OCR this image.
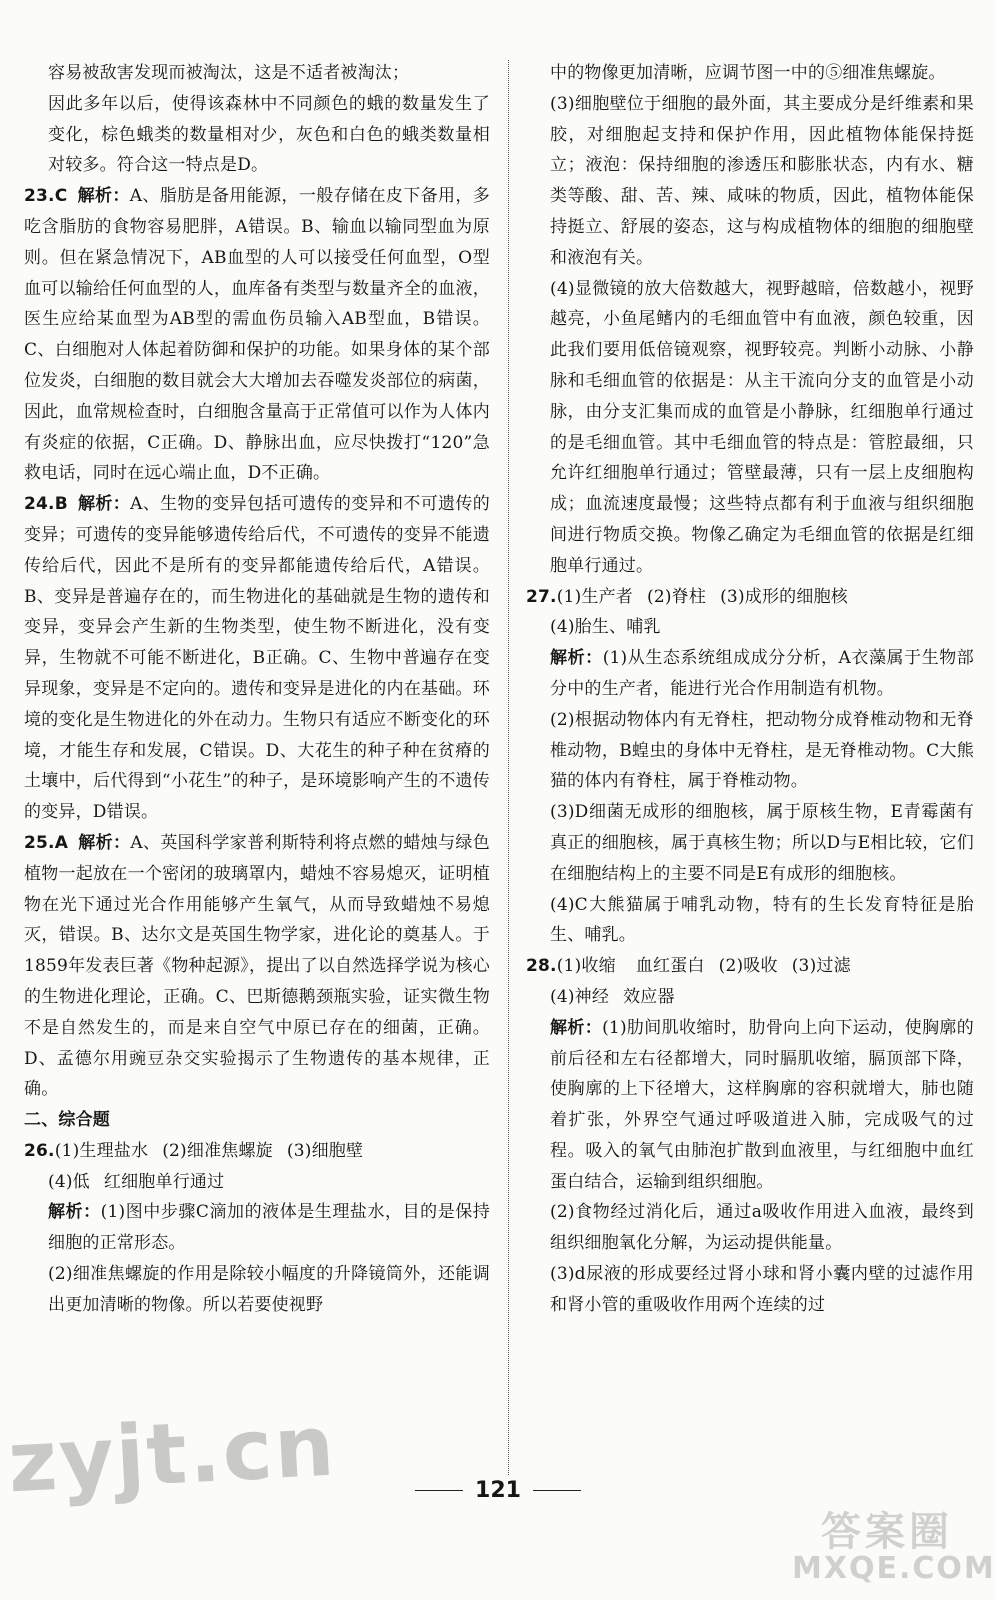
容易被敌害发现而被淘汰，这是不适者被淘汰；

因此多年以后，使得该森林中不同颜色的蛾的数量发生了变化，棕色蛾类的数量相对少，灰色和白色的蛾类数量相对较多。符合这一特点是D。

23.C 解析：A、脂肪是备用能源，一般存储在皮下备用，多吃含脂肪的食物容易肥胖，A错误。B、输血以输同型血为原则。但在紧急情况下，AB血型的人可以接受任何血型，O型血可以输给任何血型的人，血库备有类型与数量齐全的血液，医生应给某血型为AB型的需血伤员输入AB型血，B错误。C、白细胞对人体起着防御和保护的功能。如果身体的某个部位发炎，白细胞的数目就会大大增加去吞噬发炎部位的病菌，因此，血常规检查时，白细胞含量高于正常值可以作为人体内有炎症的依据，C正确。D、静脉出血，应尽快拨打“120”急救电话，同时在远心端止血，D不正确。
24.B 解析：A、生物的变异包括可遗传的变异和不可遗传的变异；可遗传的变异能够遗传给后代，不可遗传的变异不能遗传给后代，因此不是所有的变异都能遗传给后代，A错误。B、变异是普遍存在的，而生物进化的基础就是生物的遗传和变异，变异会产生新的生物类型，使生物不断进化，没有变异，生物就不可能不断进化，B正确。C、生物中普遍存在变异现象，变异是不定向的。遗传和变异是进化的内在基础。环境的变化是生物进化的外在动力。生物只有适应不断变化的环境，才能生存和发展，C错误。D、大花生的种子种在贫瘠的土壤中，后代得到“小花生”的种子，是环境影响产生的不遗传的变异，D错误。
25.A 解析：A、英国科学家普利斯特利将点燃的蜡烛与绿色植物一起放在一个密闭的玻璃罩内，蜡烛不容易熄灭，证明植物在光下通过光合作用能够产生氧气，从而导致蜡烛不易熄灭，错误。B、达尔文是英国生物学家，进化论的奠基人。于1859年发表巨著《物种起源》，提出了以自然选择学说为核心的生物进化理论，正确。C、巴斯德鹅颈瓶实验，证实微生物不是自然发生的，而是来自空气中原已存在的细菌，正确。D、孟德尔用豌豆杂交实验揭示了生物遗传的基本规律，正确。

二、综合题

26.(1)生理盐水 (2)细准焦螺旋 (3)细胞壁
(4)低 红细胞单行通过
解析：(1)图中步骤C滴加的液体是生理盐水，目的是保持细胞的正常形态。

(2)细准焦螺旋的作用是除较小幅度的升降镜筒外，还能调出更加清晰的物像。所以若要使视野

中的物像更加清晰，应调节图一中的⑤细准焦螺旋。

(3)细胞壁位于细胞的最外面，其主要成分是纤维素和果胶，对细胞起支持和保护作用，因此植物体能保持挺立；液泡：保持细胞的渗透压和膨胀状态，内有水、糖类等酸、甜、苦、辣、咸味的物质，因此，植物体能保持挺立、舒展的姿态，这与构成植物体的细胞的细胞壁和液泡有关。

(4)显微镜的放大倍数越大，视野越暗，倍数越小，视野越亮，小鱼尾鳍内的毛细血管中有血液，颜色较重，因此我们要用低倍镜观察，视野较亮。判断小动脉、小静脉和毛细血管的依据是：从主干流向分支的血管是小动脉，由分支汇集而成的血管是小静脉，红细胞单行通过的是毛细血管。其中毛细血管的特点是：管腔最细，只允许红细胞单行通过；管壁最薄，只有一层上皮细胞构成；血流速度最慢；这些特点都有利于血液与组织细胞间进行物质交换。物像乙确定为毛细血管的依据是红细胞单行通过。

27.(1)生产者 (2)脊柱 (3)成形的细胞核
(4)胎生、哺乳
解析：(1)从生态系统组成成分分析，A衣藻属于生物部分中的生产者，能进行光合作用制造有机物。

(2)根据动物体内有无脊柱，把动物分成脊椎动物和无脊椎动物，B蝗虫的身体中无脊柱，是无脊椎动物。C大熊猫的体内有脊柱，属于脊椎动物。

(3)D细菌无成形的细胞核，属于原核生物，E青霉菌有真正的细胞核，属于真核生物；所以D与E相比较，它们在细胞结构上的主要不同是E有成形的细胞核。

(4)C大熊猫属于哺乳动物，特有的生长发育特征是胎生、哺乳。

28.(1)收缩 血红蛋白 (2)吸收 (3)过滤
(4)神经 效应器
解析：(1)肋间肌收缩时，肋骨向上向下运动，使胸廓的前后径和左右径都增大，同时膈肌收缩，膈顶部下降，使胸廓的上下径增大，这样胸廓的容积就增大，肺也随着扩张，外界空气通过呼吸道进入肺，完成吸气的过程。吸入的氧气由肺泡扩散到血液里，与红细胞中血红蛋白结合，运输到组织细胞。

(2)食物经过消化后，通过a吸收作用进入血液，最终到组织细胞氧化分解，为运动提供能量。

(3)d尿液的形成要经过肾小球和肾小囊内壁的过滤作用和肾小管的重吸收作用两个连续的过

121
zyjt.cn
答案圈
MXQE.COM
